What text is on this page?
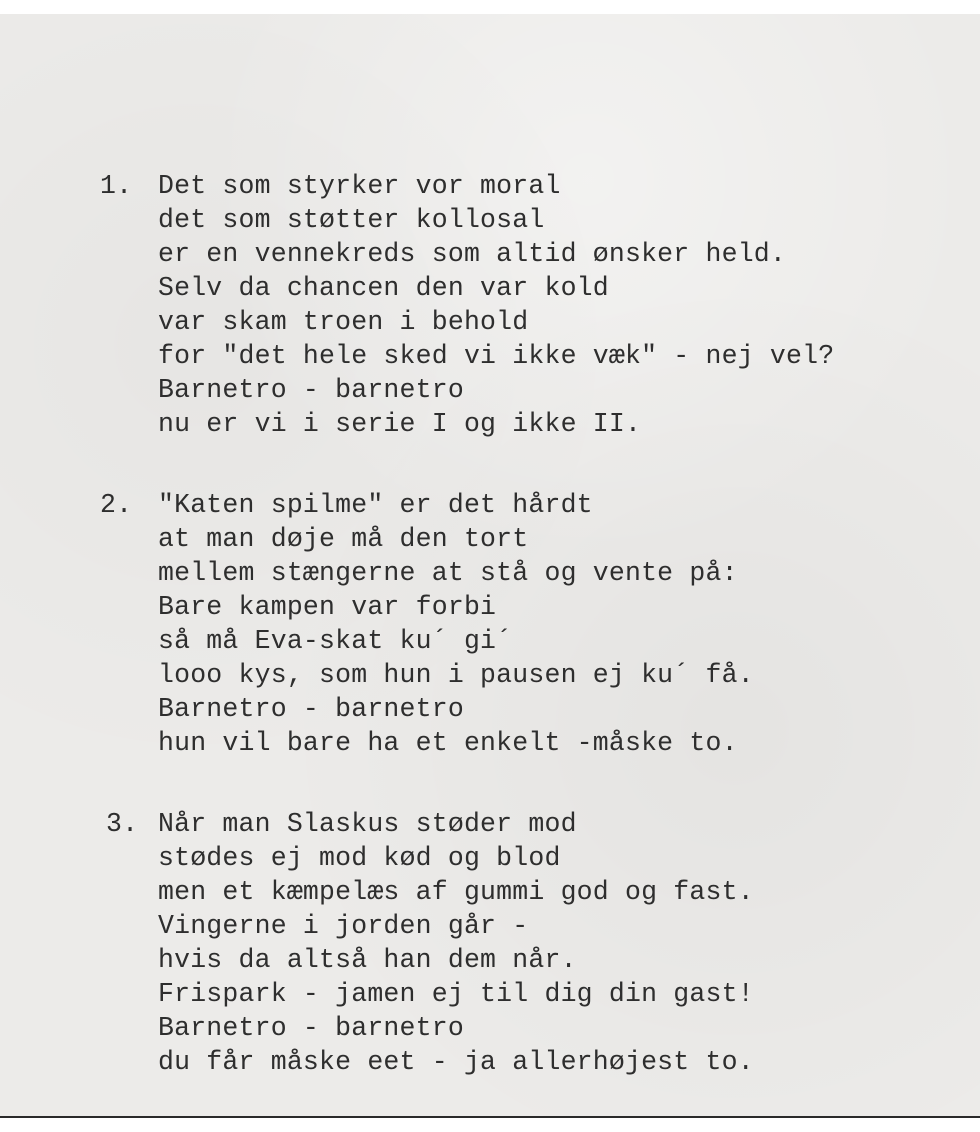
1. Det som styrker vor moral
det som støtter kollosal
er en vennekreds som altid ønsker held.
Selv da chancen den var kold
var skam troen i behold
for "det hele sked vi ikke væk" - nej vel?
Barnetro - barnetro
nu er vi i serie I og ikke II.
2. "Katen spilme" er det hårdt
at man døje må den tort
mellem stængerne at stå og vente på:
Bare kampen var forbi
så må Eva-skat ku´ gi´
looo kys, som hun i pausen ej ku´ få.
Barnetro - barnetro
hun vil bare ha et enkelt -måske to.
3. Når man Slaskus støder mod
stødes ej mod kød og blod
men et kæmpelæs af gummi god og fast.
Vingerne i jorden går -
hvis da altså han dem når.
Frispark - jamen ej til dig din gast!
Barnetro - barnetro
du får måske eet - ja allerhøjest to.
